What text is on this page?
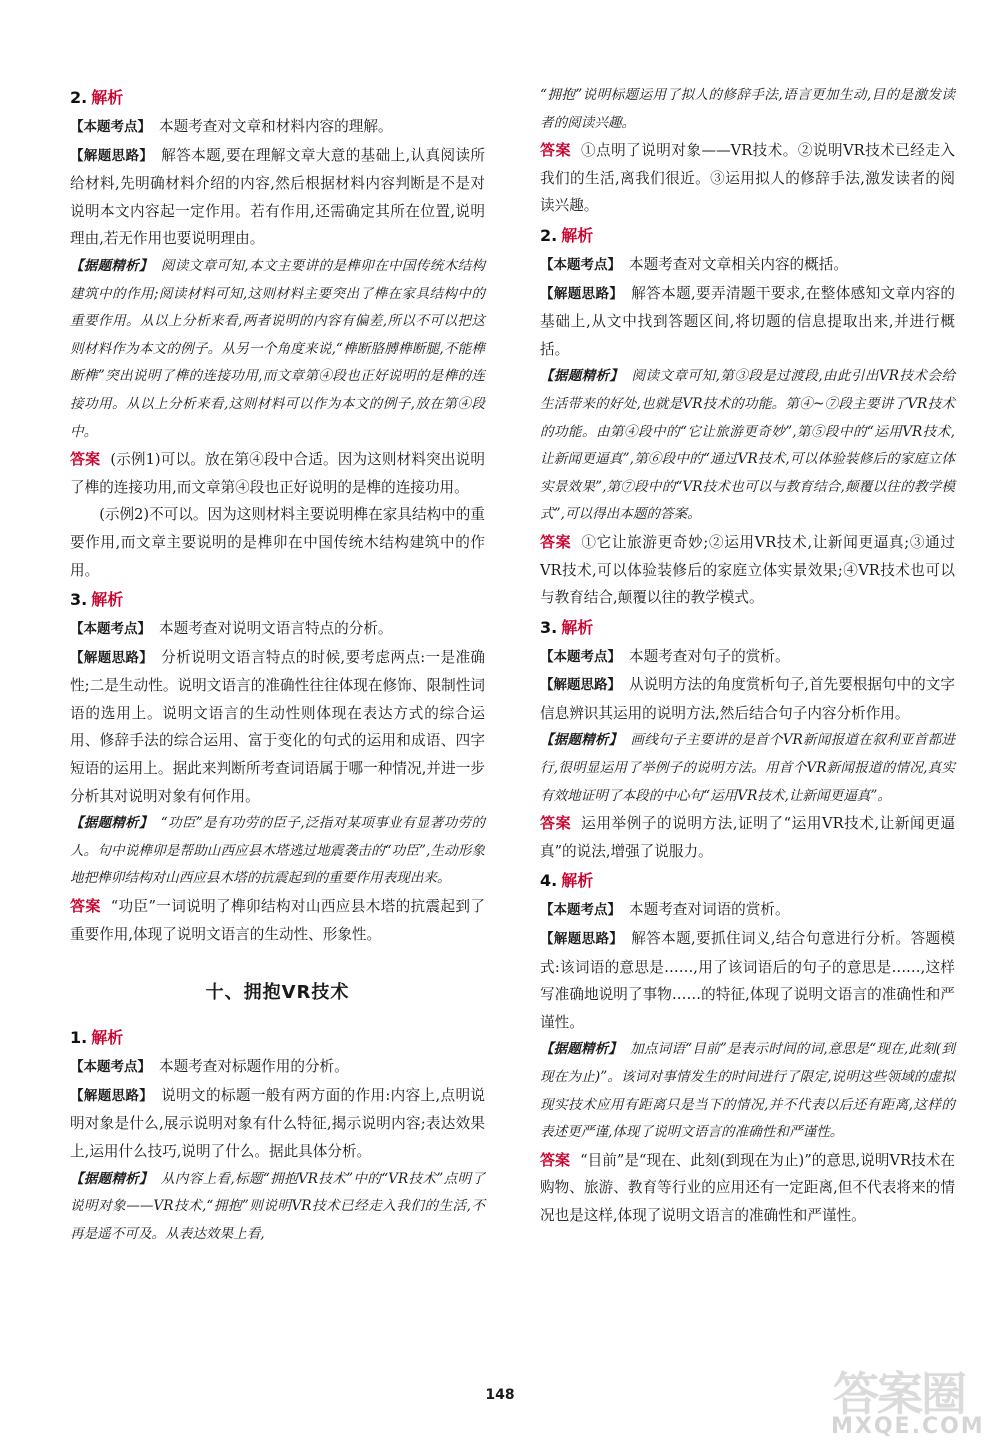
2. 解析

【本题考点】 本题考查对文章和材料内容的理解。

【解题思路】 解答本题,要在理解文章大意的基础上,认真阅读所给材料,先明确材料介绍的内容,然后根据材料内容判断是不是对说明本文内容起一定作用。若有作用,还需确定其所在位置,说明理由,若无作用也要说明理由。

【据题精析】 阅读文章可知,本文主要讲的是榫卯在中国传统木结构建筑中的作用;阅读材料可知,这则材料主要突出了榫在家具结构中的重要作用。从以上分析来看,两者说明的内容有偏差,所以不可以把这则材料作为本文的例子。从另一个角度来说,“榫断胳膊榫断腿,不能榫断榫”突出说明了榫的连接功用,而文章第④段也正好说明的是榫的连接功用。从以上分析来看,这则材料可以作为本文的例子,放在第④段中。

答案 (示例1)可以。放在第④段中合适。因为这则材料突出说明了榫的连接功用,而文章第④段也正好说明的是榫的连接功用。

(示例2)不可以。因为这则材料主要说明榫在家具结构中的重要作用,而文章主要说明的是榫卯在中国传统木结构建筑中的作用。

3. 解析

【本题考点】 本题考查对说明文语言特点的分析。

【解题思路】 分析说明文语言特点的时候,要考虑两点:一是准确性;二是生动性。说明文语言的准确性往往体现在修饰、限制性词语的选用上。说明文语言的生动性则体现在表达方式的综合运用、修辞手法的综合运用、富于变化的句式的运用和成语、四字短语的运用上。据此来判断所考查词语属于哪一种情况,并进一步分析其对说明对象有何作用。

【据题精析】 “功臣”是有功劳的臣子,泛指对某项事业有显著功劳的人。句中说榫卯是帮助山西应县木塔逃过地震袭击的“功臣”,生动形象地把榫卯结构对山西应县木塔的抗震起到的重要作用表现出来。

答案 “功臣”一词说明了榫卯结构对山西应县木塔的抗震起到了重要作用,体现了说明文语言的生动性、形象性。

十、拥抱VR技术
1. 解析

【本题考点】 本题考查对标题作用的分析。

【解题思路】 说明文的标题一般有两方面的作用:内容上,点明说明对象是什么,展示说明对象有什么特征,揭示说明内容;表达效果上,运用什么技巧,说明了什么。据此具体分析。

【据题精析】 从内容上看,标题“拥抱VR技术”中的“VR技术”点明了说明对象——VR技术,“拥抱”则说明VR技术已经走入我们的生活,不再是遥不可及。从表达效果上看,

“拥抱”说明标题运用了拟人的修辞手法,语言更加生动,目的是激发读者的阅读兴趣。

答案 ①点明了说明对象——VR技术。②说明VR技术已经走入我们的生活,离我们很近。③运用拟人的修辞手法,激发读者的阅读兴趣。

2. 解析

【本题考点】 本题考查对文章相关内容的概括。

【解题思路】 解答本题,要弄清题干要求,在整体感知文章内容的基础上,从文中找到答题区间,将切题的信息提取出来,并进行概括。

【据题精析】 阅读文章可知,第③段是过渡段,由此引出VR技术会给生活带来的好处,也就是VR技术的功能。第④~⑦段主要讲了VR技术的功能。由第④段中的“它让旅游更奇妙”,第⑤段中的“运用VR技术,让新闻更逼真”,第⑥段中的“通过VR技术,可以体验装修后的家庭立体实景效果”,第⑦段中的“VR技术也可以与教育结合,颠覆以往的教学模式”,可以得出本题的答案。

答案 ①它让旅游更奇妙;②运用VR技术,让新闻更逼真;③通过VR技术,可以体验装修后的家庭立体实景效果;④VR技术也可以与教育结合,颠覆以往的教学模式。

3. 解析

【本题考点】 本题考查对句子的赏析。

【解题思路】 从说明方法的角度赏析句子,首先要根据句中的文字信息辨识其运用的说明方法,然后结合句子内容分析作用。

【据题精析】 画线句子主要讲的是首个VR新闻报道在叙利亚首都进行,很明显运用了举例子的说明方法。用首个VR新闻报道的情况,真实有效地证明了本段的中心句“运用VR技术,让新闻更逼真”。

答案 运用举例子的说明方法,证明了“运用VR技术,让新闻更逼真”的说法,增强了说服力。

4. 解析

【本题考点】 本题考查对词语的赏析。

【解题思路】 解答本题,要抓住词义,结合句意进行分析。答题模式:该词语的意思是……,用了该词语后的句子的意思是……,这样写准确地说明了事物……的特征,体现了说明文语言的准确性和严谨性。

【据题精析】 加点词语“目前”是表示时间的词,意思是“现在,此刻(到现在为止)”。该词对事情发生的时间进行了限定,说明这些领域的虚拟现实技术应用有距离只是当下的情况,并不代表以后还有距离,这样的表述更严谨,体现了说明文语言的准确性和严谨性。

答案 “目前”是“现在、此刻(到现在为止)”的意思,说明VR技术在购物、旅游、教育等行业的应用还有一定距离,但不代表将来的情况也是这样,体现了说明文语言的准确性和严谨性。

148	答案圈
MXQE.COM
